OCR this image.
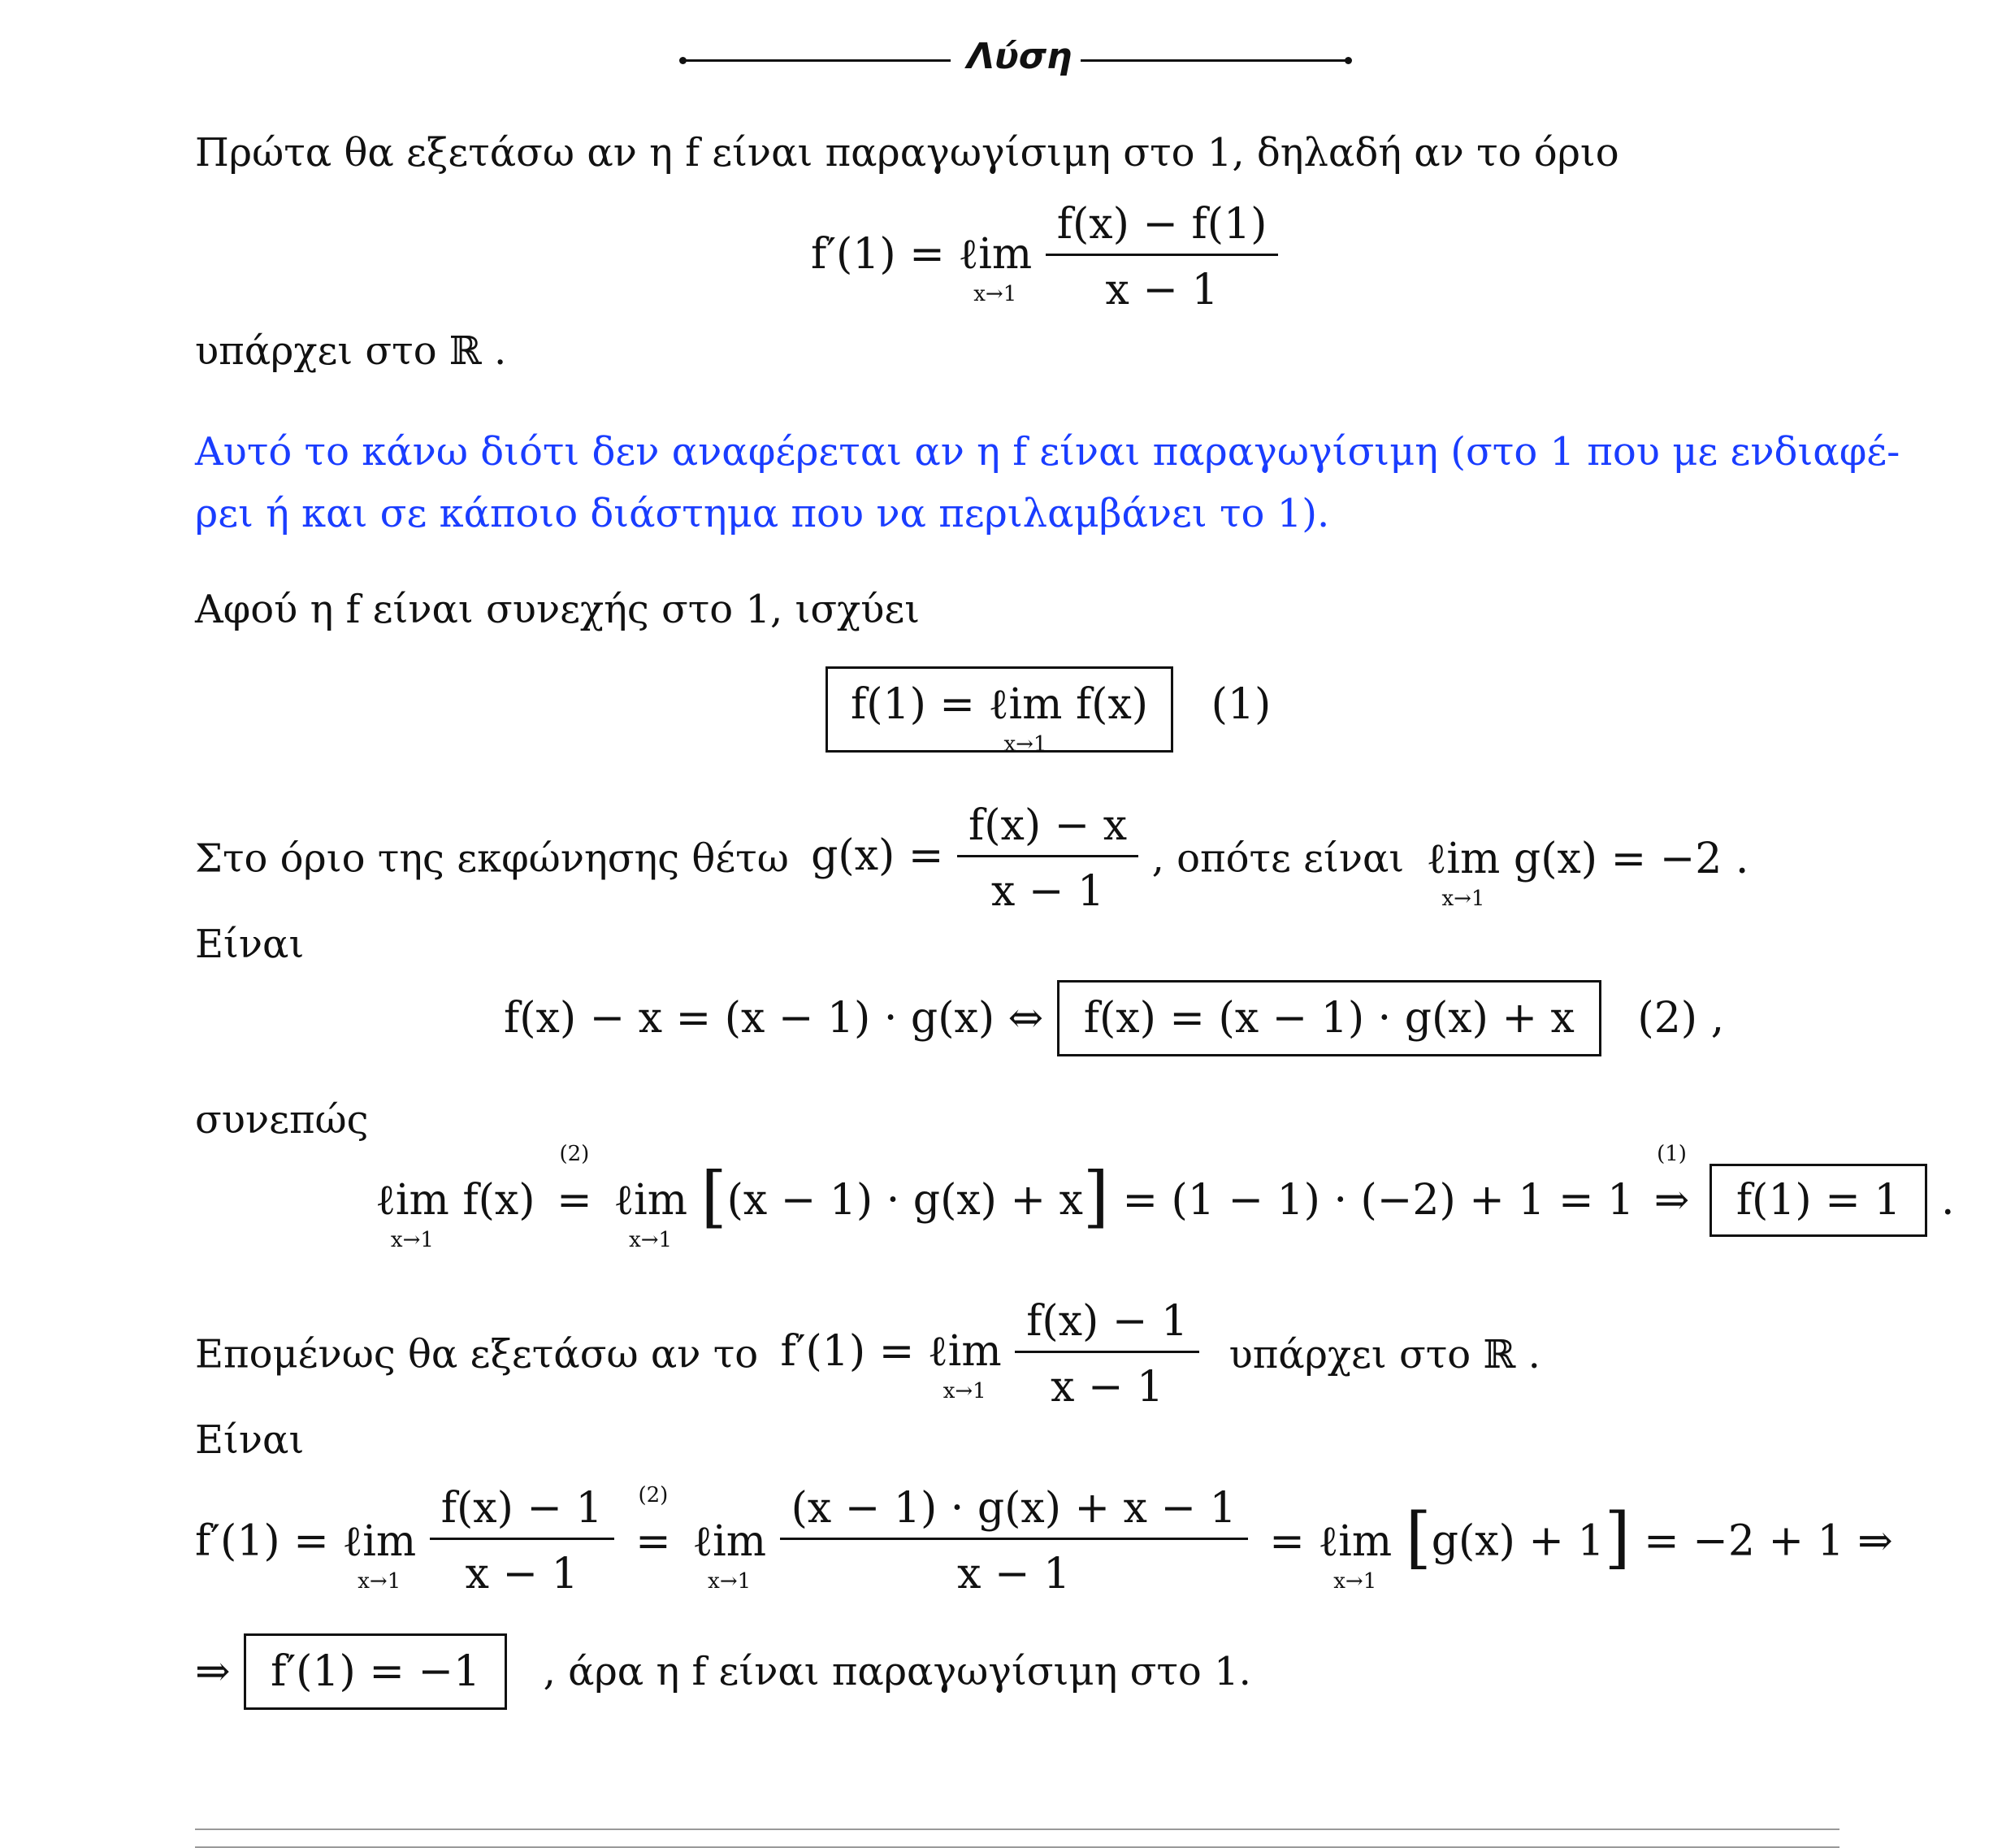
Λύση
Πρώτα θα εξετάσω αν η f είναι παραγωγίσιμη στο 1, δηλαδή αν το όριο
f′(1) = ℓim
x→1
$\frac{f(x) - f(1)}{x - 1}$
υπάρχει στο ℝ .
Αυτό το κάνω διότι δεν αναφέρεται αν η f είναι παραγωγίσιμη (στο 1 που με ενδιαφέ-
ρει ή και σε κάποιο διάστημα που να περιλαμβάνει το 1).
Αφού η f είναι συνεχής στο 1, ισχύει
f(1) = ℓim
x→1
f(x) (1)
Στο όριο της εκφώνησης θέτω $g(x) = \frac{f(x) - x}{x - 1}$ , οπότε είναι ℓim
x→1
g(x) = −2 .
Είναι
f(x) − x = (x − 1) · g(x) ⇔ f(x) = (x − 1) · g(x) + x (2) ,
συνεπώς
ℓim
x→1
f(x) =
(2)
ℓim
x→1
[(x − 1) · g(x) + x] = (1 − 1) · (−2) + 1 = 1 ⇒
(1)
f(1) = 1 .
Επομένως θα εξετάσω αν το f′(1) = ℓim
x→1
$\frac{f(x) - 1}{x - 1}$ υπάρχει στο ℝ .
Είναι
f′(1) = ℓim
x→1
$\frac{f(x) - 1}{x - 1}$ =
(2)
ℓim
x→1
$\frac{(x - 1) \cdot g(x) + x - 1}{x - 1}$ = ℓim
x→1
[g(x) + 1] = −2 + 1 ⇒
⇒ f′(1) = −1 , άρα η f είναι παραγωγίσιμη στο 1.
